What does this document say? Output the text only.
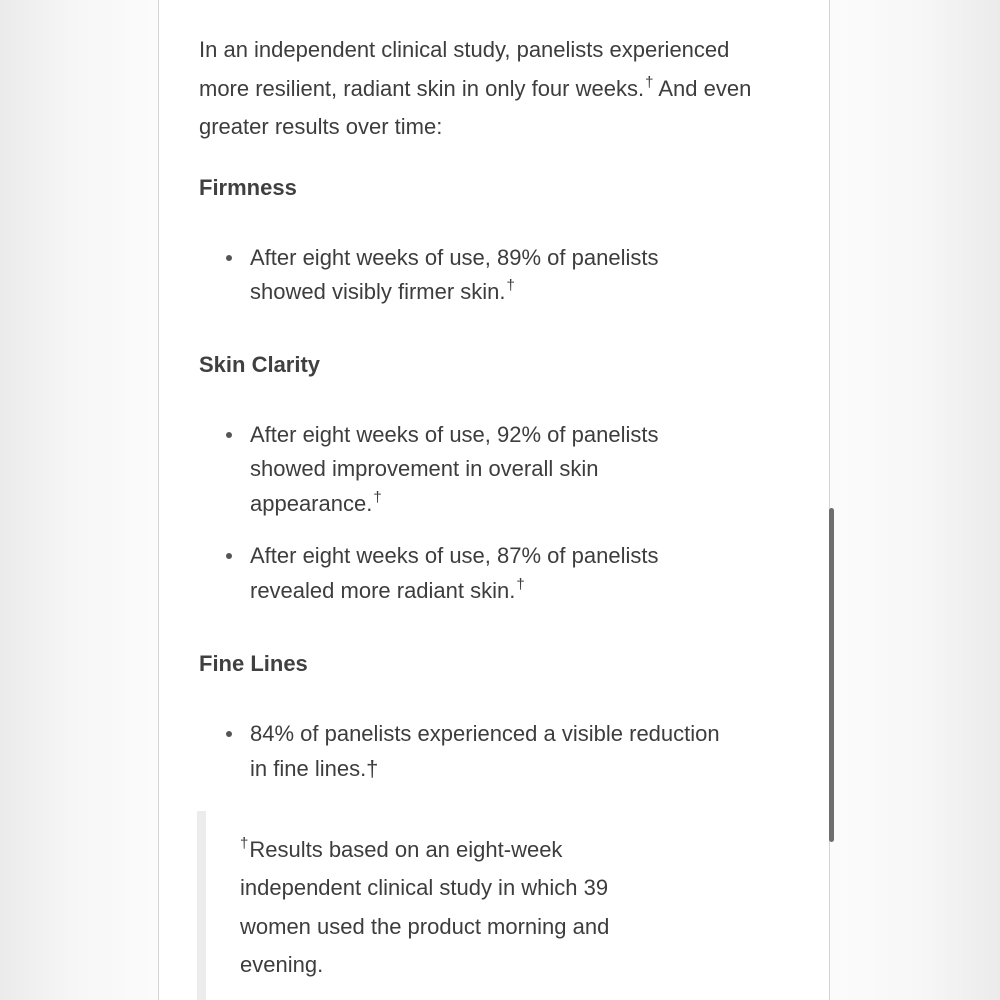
In an independent clinical study, panelists experienced more resilient, radiant skin in only four weeks.† And even greater results over time:

Firmness
After eight weeks of use, 89% of panelists showed visibly firmer skin.†
Skin Clarity
After eight weeks of use, 92% of panelists showed improvement in overall skin appearance.†
After eight weeks of use, 87% of panelists revealed more radiant skin.†
Fine Lines
84% of panelists experienced a visible reduction in fine lines.†

†Results based on an eight-week independent clinical study in which 39 women used the product morning and evening.
